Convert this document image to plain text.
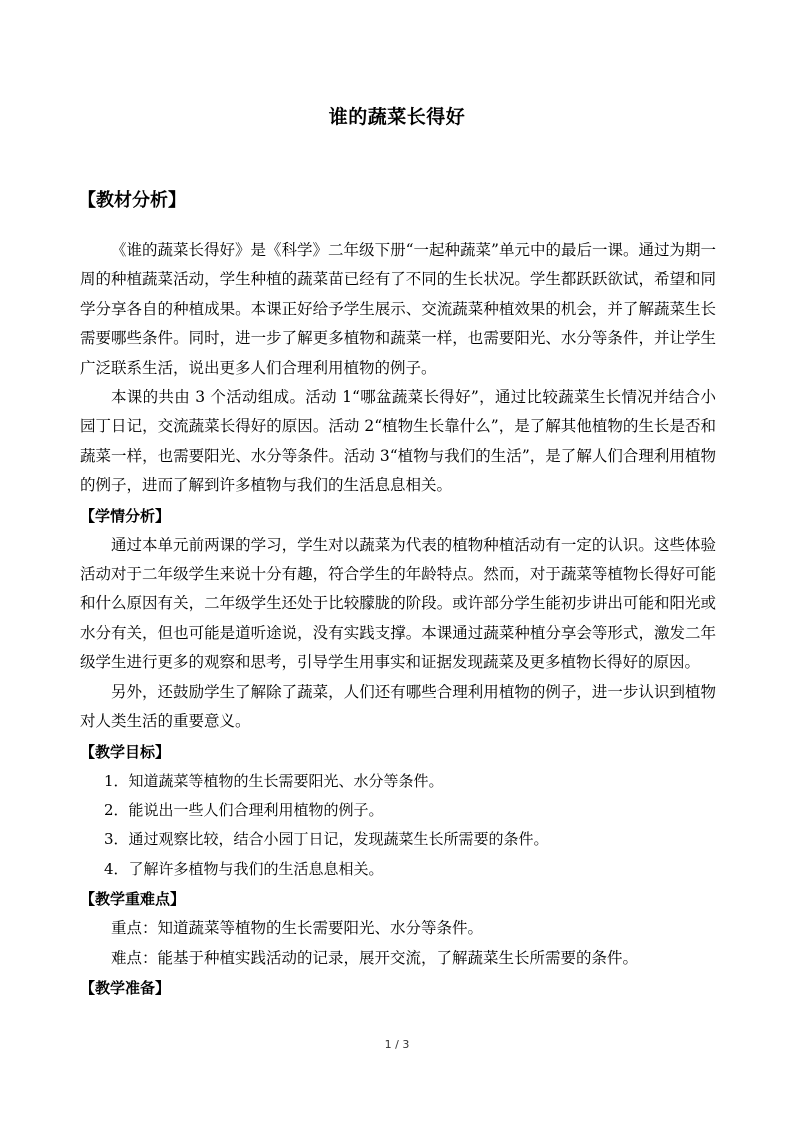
谁的蔬菜长得好
【教材分析】

《谁的蔬菜长得好》是《科学》二年级下册“一起种蔬菜”单元中的最后一课。通过为期一周的种植蔬菜活动，学生种植的蔬菜苗已经有了不同的生长状况。学生都跃跃欲试，希望和同学分享各自的种植成果。本课正好给予学生展示、交流蔬菜种植效果的机会，并了解蔬菜生长需要哪些条件。同时，进一步了解更多植物和蔬菜一样，也需要阳光、水分等条件，并让学生广泛联系生活，说出更多人们合理利用植物的例子。

本课的共由 3 个活动组成。活动 1“哪盆蔬菜长得好”，通过比较蔬菜生长情况并结合小园丁日记，交流蔬菜长得好的原因。活动 2“植物生长靠什么”，是了解其他植物的生长是否和蔬菜一样，也需要阳光、水分等条件。活动 3“植物与我们的生活”，是了解人们合理利用植物的例子，进而了解到许多植物与我们的生活息息相关。

【学情分析】

通过本单元前两课的学习，学生对以蔬菜为代表的植物种植活动有一定的认识。这些体验活动对于二年级学生来说十分有趣，符合学生的年龄特点。然而，对于蔬菜等植物长得好可能和什么原因有关，二年级学生还处于比较朦胧的阶段。或许部分学生能初步讲出可能和阳光或水分有关，但也可能是道听途说，没有实践支撑。本课通过蔬菜种植分享会等形式，激发二年级学生进行更多的观察和思考，引导学生用事实和证据发现蔬菜及更多植物长得好的原因。

另外，还鼓励学生了解除了蔬菜，人们还有哪些合理利用植物的例子，进一步认识到植物对人类生活的重要意义。

【教学目标】

1．知道蔬菜等植物的生长需要阳光、水分等条件。

2．能说出一些人们合理利用植物的例子。

3．通过观察比较，结合小园丁日记，发现蔬菜生长所需要的条件。

4．了解许多植物与我们的生活息息相关。

【教学重难点】

重点：知道蔬菜等植物的生长需要阳光、水分等条件。

难点：能基于种植实践活动的记录，展开交流，了解蔬菜生长所需要的条件。

【教学准备】
1 / 3
